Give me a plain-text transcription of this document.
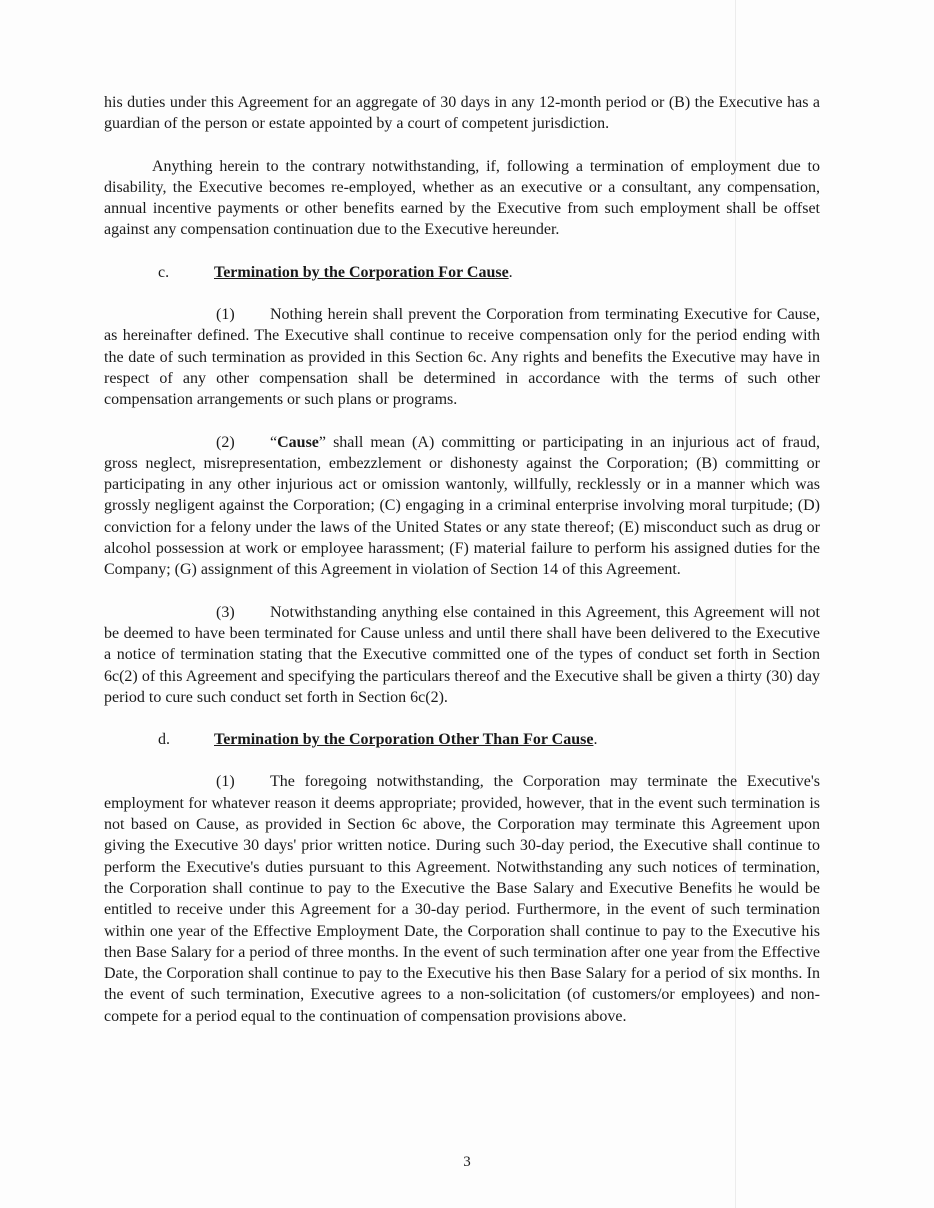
his duties under this Agreement for an aggregate of 30 days in any 12-month period or (B) the Executive has a guardian of the person or estate appointed by a court of competent jurisdiction.

Anything herein to the contrary notwithstanding, if, following a termination of employment due to disability, the Executive becomes re-employed, whether as an executive or a consultant, any compensation, annual incentive payments or other benefits earned by the Executive from such employment shall be offset against any compensation continuation due to the Executive hereunder.

c.	Termination by the Corporation For Cause.

(1) Nothing herein shall prevent the Corporation from terminating Executive for Cause, as hereinafter defined. The Executive shall continue to receive compensation only for the period ending with the date of such termination as provided in this Section 6c. Any rights and benefits the Executive may have in respect of any other compensation shall be determined in accordance with the terms of such other compensation arrangements or such plans or programs.

(2) “Cause” shall mean (A) committing or participating in an injurious act of fraud, gross neglect, misrepresentation, embezzlement or dishonesty against the Corporation; (B) committing or participating in any other injurious act or omission wantonly, willfully, recklessly or in a manner which was grossly negligent against the Corporation; (C) engaging in a criminal enterprise involving moral turpitude; (D) conviction for a felony under the laws of the United States or any state thereof; (E) misconduct such as drug or alcohol possession at work or employee harassment; (F) material failure to perform his assigned duties for the Company; (G) assignment of this Agreement in violation of Section 14 of this Agreement.

(3) Notwithstanding anything else contained in this Agreement, this Agreement will not be deemed to have been terminated for Cause unless and until there shall have been delivered to the Executive a notice of termination stating that the Executive committed one of the types of conduct set forth in Section 6c(2) of this Agreement and specifying the particulars thereof and the Executive shall be given a thirty (30) day period to cure such conduct set forth in Section 6c(2).

d.	Termination by the Corporation Other Than For Cause.

(1) The foregoing notwithstanding, the Corporation may terminate the Executive's employment for whatever reason it deems appropriate; provided, however, that in the event such termination is not based on Cause, as provided in Section 6c above, the Corporation may terminate this Agreement upon giving the Executive 30 days' prior written notice. During such 30-day period, the Executive shall continue to perform the Executive's duties pursuant to this Agreement. Notwithstanding any such notices of termination, the Corporation shall continue to pay to the Executive the Base Salary and Executive Benefits he would be entitled to receive under this Agreement for a 30-day period. Furthermore, in the event of such termination within one year of the Effective Employment Date, the Corporation shall continue to pay to the Executive his then Base Salary for a period of three months. In the event of such termination after one year from the Effective Date, the Corporation shall continue to pay to the Executive his then Base Salary for a period of six months. In the event of such termination, Executive agrees to a non-solicitation (of customers/or employees) and non-compete for a period equal to the continuation of compensation provisions above.

3
